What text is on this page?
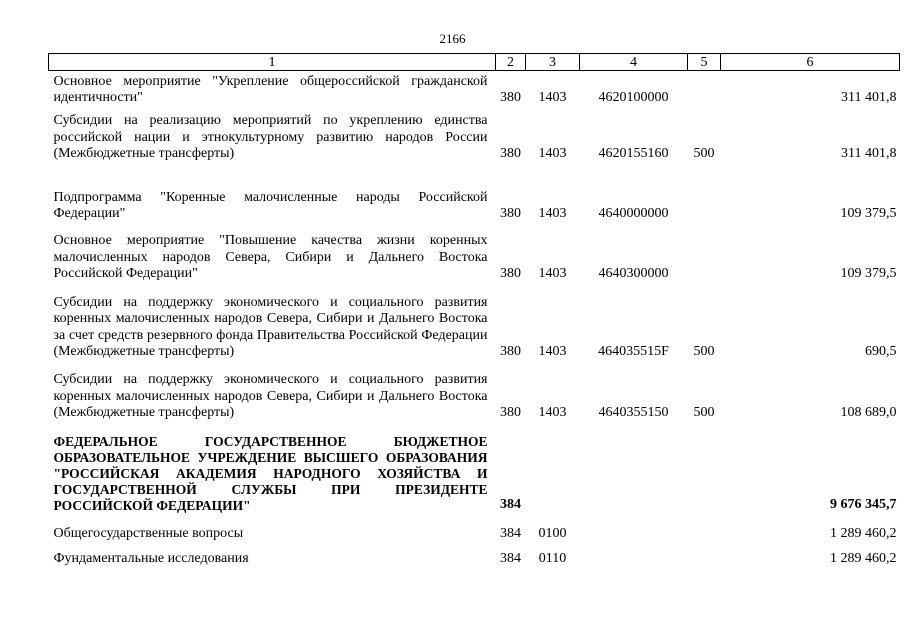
2166
1	2	3	4	5	6
Основное мероприятие "Укрепление общероссийской гражданской идентичности"	380	1403	4620100000		311 401,8
Субсидии на реализацию мероприятий по укреплению единства российской нации и этнокультурному развитию народов России (Межбюджетные трансферты)	380	1403	4620155160	500	311 401,8
Подпрограмма "Коренные малочисленные народы Российской Федерации"	380	1403	4640000000		109 379,5
Основное мероприятие "Повышение качества жизни коренных малочисленных народов Севера, Сибири и Дальнего Востока Российской Федерации"	380	1403	4640300000		109 379,5
Субсидии на поддержку экономического и социального развития коренных малочисленных народов Севера, Сибири и Дальнего Востока за счет средств резервного фонда Правительства Российской Федерации (Межбюджетные трансферты)	380	1403	464035515F	500	690,5
Субсидии на поддержку экономического и социального развития коренных малочисленных народов Севера, Сибири и Дальнего Востока (Межбюджетные трансферты)	380	1403	4640355150	500	108 689,0
ФЕДЕРАЛЬНОЕ ГОСУДАРСТВЕННОЕ БЮДЖЕТНОЕ ОБРАЗОВАТЕЛЬНОЕ УЧРЕЖДЕНИЕ ВЫСШЕГО ОБРАЗОВАНИЯ "РОССИЙСКАЯ АКАДЕМИЯ НАРОДНОГО ХОЗЯЙСТВА И ГОСУДАРСТВЕННОЙ СЛУЖБЫ ПРИ ПРЕЗИДЕНТЕ РОССИЙСКОЙ ФЕДЕРАЦИИ"	384				9 676 345,7
Общегосударственные вопросы	384	0100			1 289 460,2
Фундаментальные исследования	384	0110			1 289 460,2
